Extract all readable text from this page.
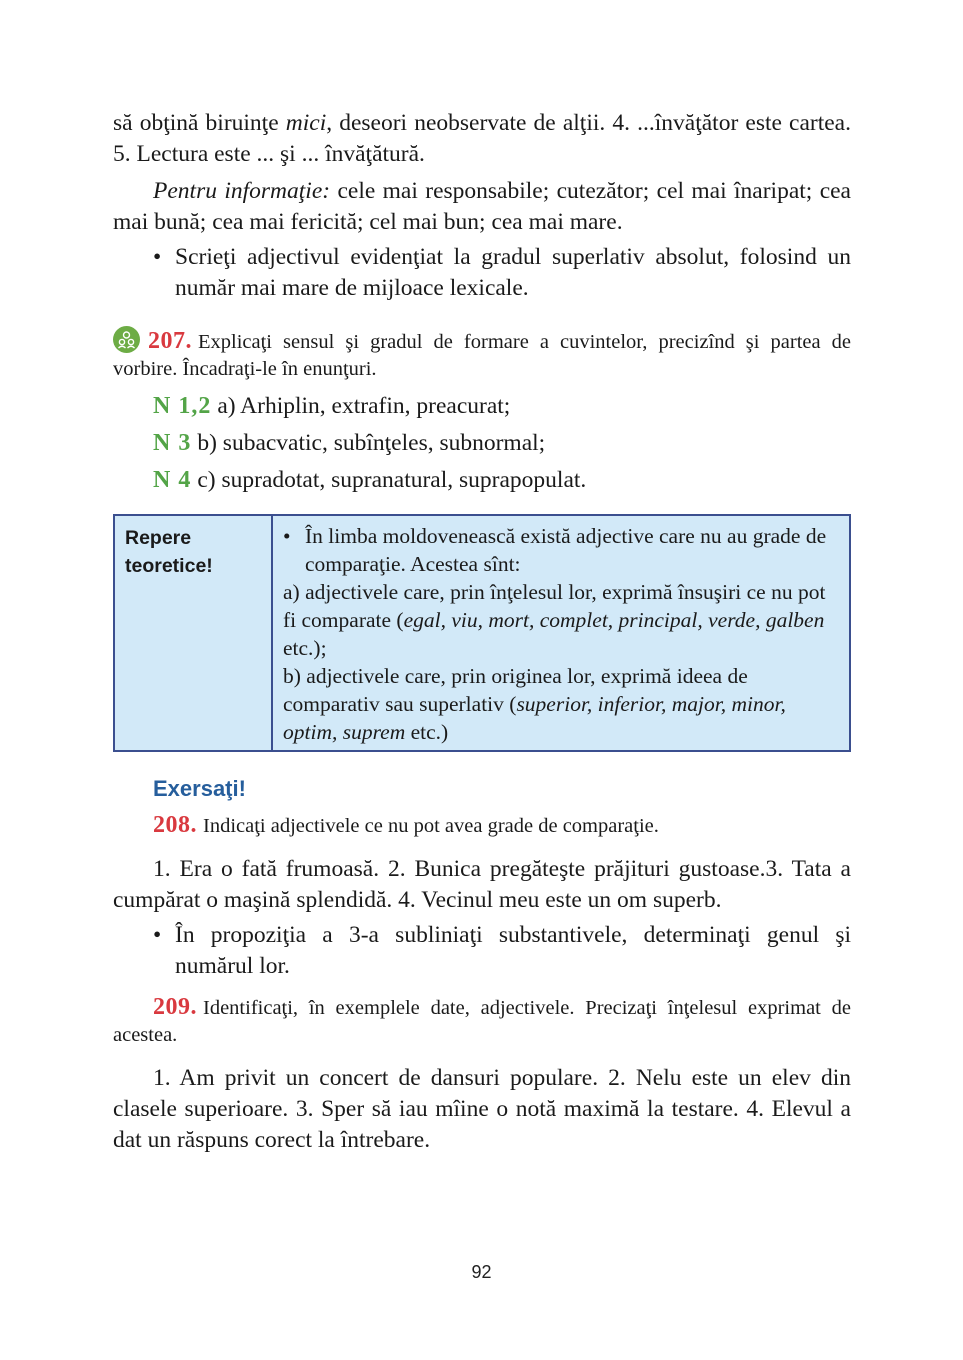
să obţină biruinţe mici, deseori neobservate de alţii. 4. ...învăţător este cartea. 5. Lectura este ... şi ... învăţătură.

Pentru informaţie: cele mai responsabile; cutezător; cel mai înaripat; cea mai bună; cea mai fericită; cel mai bun; cea mai mare.

• Scrieţi adjectivul evidenţiat la gradul superlativ absolut, folosind un număr mai mare de mijloace lexicale.

207. Explicaţi sensul şi gradul de formare a cuvintelor, precizînd şi partea de vorbire. Încadraţi-le în enunţuri.

N 1,2 a) Arhiplin, extrafin, preacurat;

N 3 b) subacvatic, subînţeles, subnormal;

N 4 c) supradotat, supranatural, suprapopulat.

Repere teoretice!
• În limba moldovenească există adjective care nu au grade de comparaţie. Acestea sînt:

a) adjectivele care, prin înţelesul lor, exprimă însuşiri ce nu pot fi comparate (egal, viu, mort, complet, principal, verde, galben etc.);

b) adjectivele care, prin originea lor, exprimă ideea de comparativ sau superlativ (superior, inferior, major, minor, optim, suprem etc.)

Exersaţi!

208. Indicaţi adjectivele ce nu pot avea grade de comparaţie.

1. Era o fată frumoasă. 2. Bunica pregăteşte prăjituri gustoase.3. Tata a cumpărat o maşină splendidă. 4. Vecinul meu este un om superb.

• În propoziţia a 3-a subliniaţi substantivele, determinaţi genul şi numărul lor.

209. Identificaţi, în exemplele date, adjectivele. Precizaţi înţelesul exprimat de acestea.

1. Am privit un concert de dansuri populare. 2. Nelu este un elev din clasele superioare. 3. Sper să iau mîine o notă maximă la testare. 4. Elevul a dat un răspuns corect la întrebare.

92
